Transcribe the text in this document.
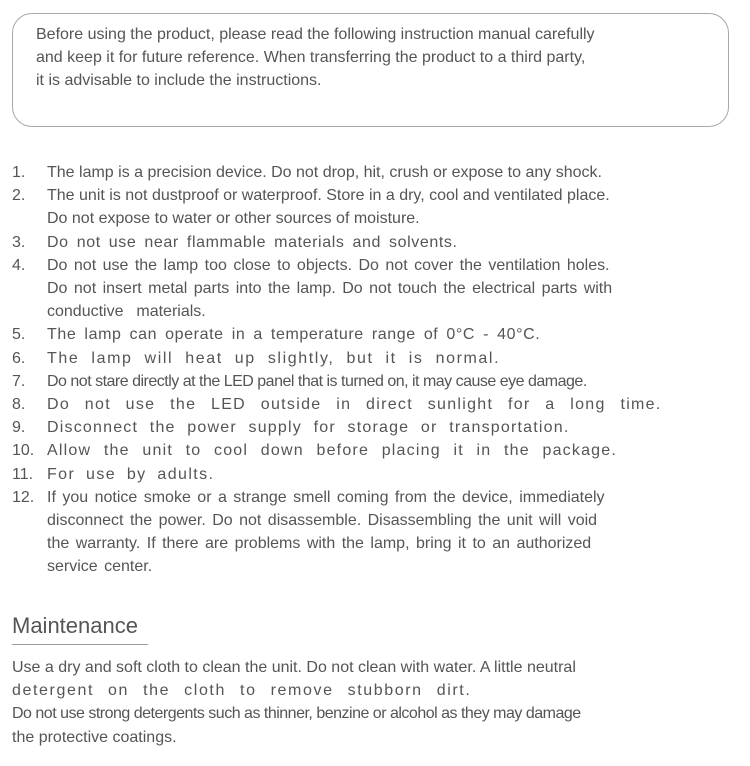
Before using the product, please read the following instruction manual carefully
and keep it for future reference. When transferring the product to a third party,
it is advisable to include the instructions.

1.	The lamp is a precision device. Do not drop, hit, crush or expose to any shock.
2.	The unit is not dustproof or waterproof. Store in a dry, cool and ventilated place.
Do not expose to water or other sources of moisture.
3.	Do not use near flammable materials and solvents.
4.	Do not use the lamp too close to objects. Do not cover the ventilation holes.
Do not insert metal parts into the lamp. Do not touch the electrical parts with
conductive  materials.
5.	The lamp can operate in a temperature range of 0°C - 40°C.
6.	The lamp will heat up slightly, but it is normal.
7.	Do not stare directly at the LED panel that is turned on, it may cause eye damage.
8.	Do not use the LED outside in direct sunlight for a long time.
9.	Disconnect the power supply for storage or transportation.
10. Allow the unit to cool down before placing it in the package.
11. For use by adults.
12. If you notice smoke or a strange smell coming from the device, immediately
disconnect the power. Do not disassemble. Disassembling the unit will void
the warranty. If there are problems with the lamp, bring it to an authorized
service center.
Maintenance

Use a dry and soft cloth to clean the unit. Do not clean with water. A little neutral
detergent on the cloth to remove stubborn dirt.
Do not use strong detergents such as thinner, benzine or alcohol as they may damage
the protective coatings.
